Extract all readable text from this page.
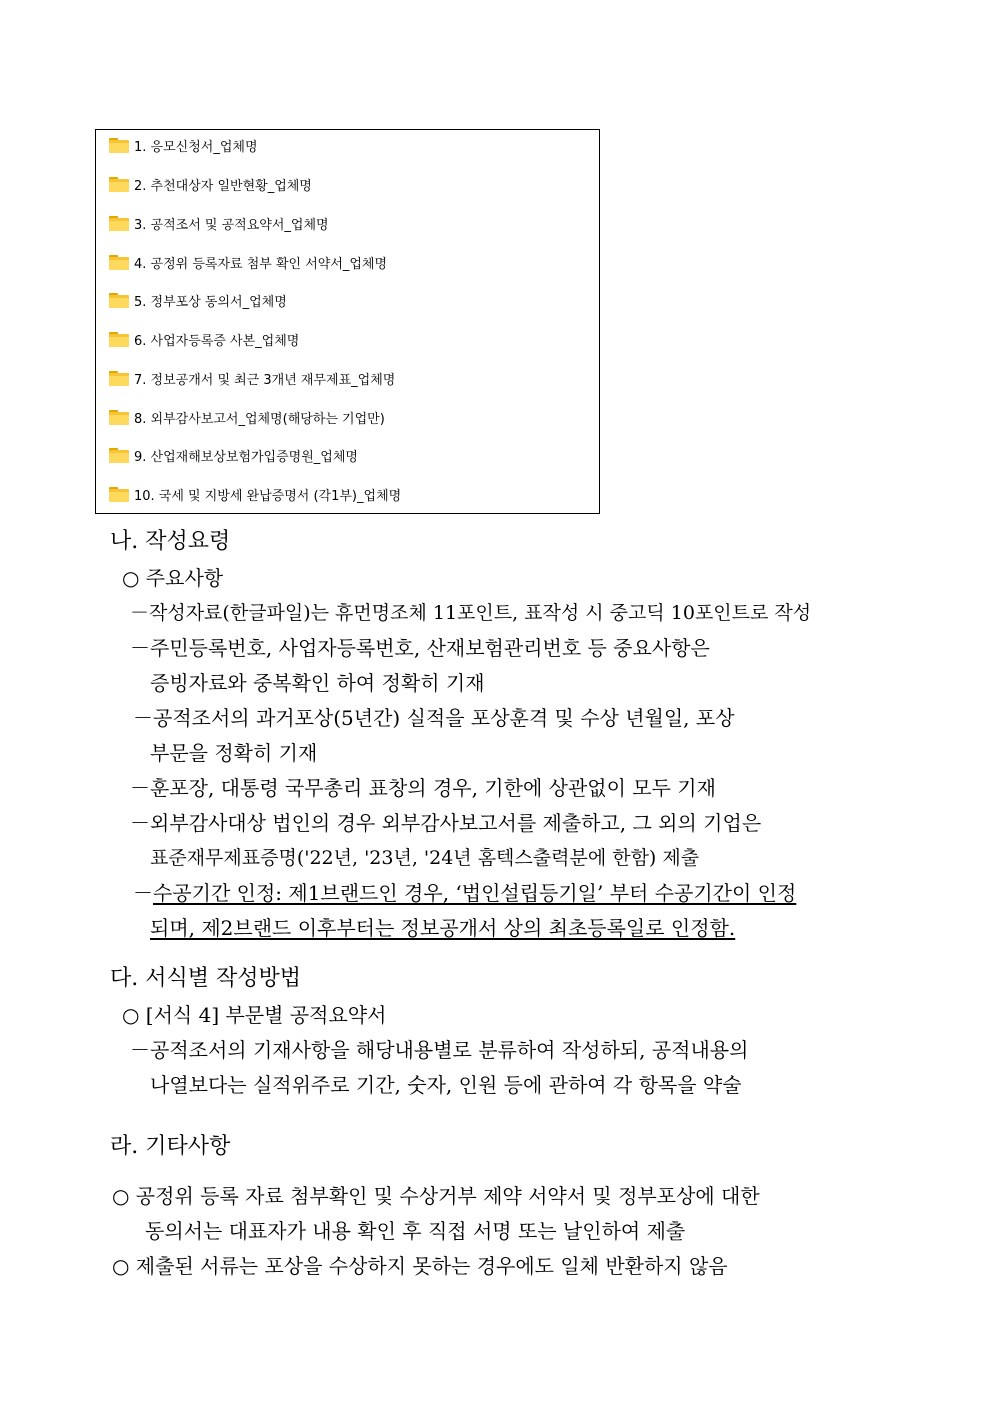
1. 응모신청서_업체명
2. 추천대상자 일반현황_업체명
3. 공적조서 및 공적요약서_업체명
4. 공정위 등록자료 첨부 확인 서약서_업체명
5. 정부포상 동의서_업체명
6. 사업자등록증 사본_업체명
7. 정보공개서 및 최근 3개년 재무제표_업체명
8. 외부감사보고서_업체명(해당하는 기업만)
9. 산업재해보상보험가입증명원_업체명
10. 국세 및 지방세 완납증명서 (각1부)_업체명
나. 작성요령
○ 주요사항
－작성자료(한글파일)는 휴먼명조체 11포인트, 표작성 시 중고딕 10포인트로 작성
－주민등록번호, 사업자등록번호, 산재보험관리번호 등 중요사항은
증빙자료와 중복확인 하여 정확히 기재
－공적조서의 과거포상(5년간) 실적을 포상훈격 및 수상 년월일, 포상
부문을 정확히 기재
－훈포장, 대통령 국무총리 표창의 경우, 기한에 상관없이 모두 기재
－외부감사대상 법인의 경우 외부감사보고서를 제출하고, 그 외의 기업은
표준재무제표증명('22년, '23년, '24년 홈텍스출력분에 한함) 제출
－수공기간 인정: 제1브랜드인 경우, ‘법인설립등기일’ 부터 수공기간이 인정
되며, 제2브랜드 이후부터는 정보공개서 상의 최초등록일로 인정함.
다. 서식별 작성방법
○ [서식 4] 부문별 공적요약서
－공적조서의 기재사항을 해당내용별로 분류하여 작성하되, 공적내용의
나열보다는 실적위주로 기간, 숫자, 인원 등에 관하여 각 항목을 약술
라. 기타사항
○ 공정위 등록 자료 첨부확인 및 수상거부 제약 서약서 및 정부포상에 대한
동의서는 대표자가 내용 확인 후 직접 서명 또는 날인하여 제출
○ 제출된 서류는 포상을 수상하지 못하는 경우에도 일체 반환하지 않음
